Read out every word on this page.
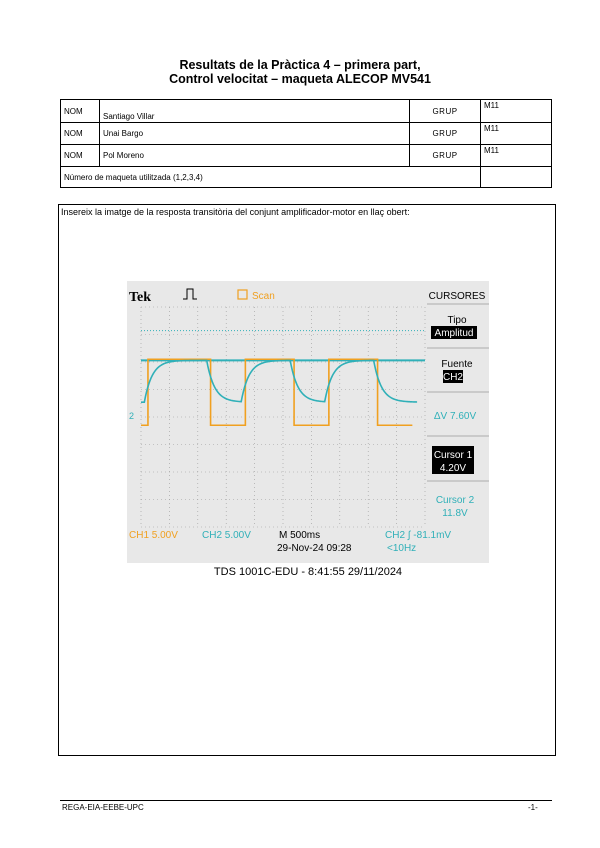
Resultats de la Pràctica 4 – primera part,
Control velocitat – maqueta ALECOP MV541
NOM	Santiago Villar	GRUP	M11
NOM	Unai Bargo	GRUP	M11
NOM	Pol Moreno	GRUP	M11
Número de maqueta utilitzada (1,2,3,4)			
Insereix la imatge de la resposta transitòria del conjunt amplificador-motor en llaç obert:
Tek	Scan	CURSORES
Tipo
Amplitud
Fuente
CH2
ΔV 7.60V
Cursor 1
4.20V
Cursor 2
11.8V
2
CH1 5.00V CH2 5.00V	M 500ms
29-Nov-24 09:28
CH2 ∫ -81.1mV
<10Hz
TDS 1001C-EDU - 8:41:55 29/11/2024
REGA-EIA-EEBE-UPC	-1-
